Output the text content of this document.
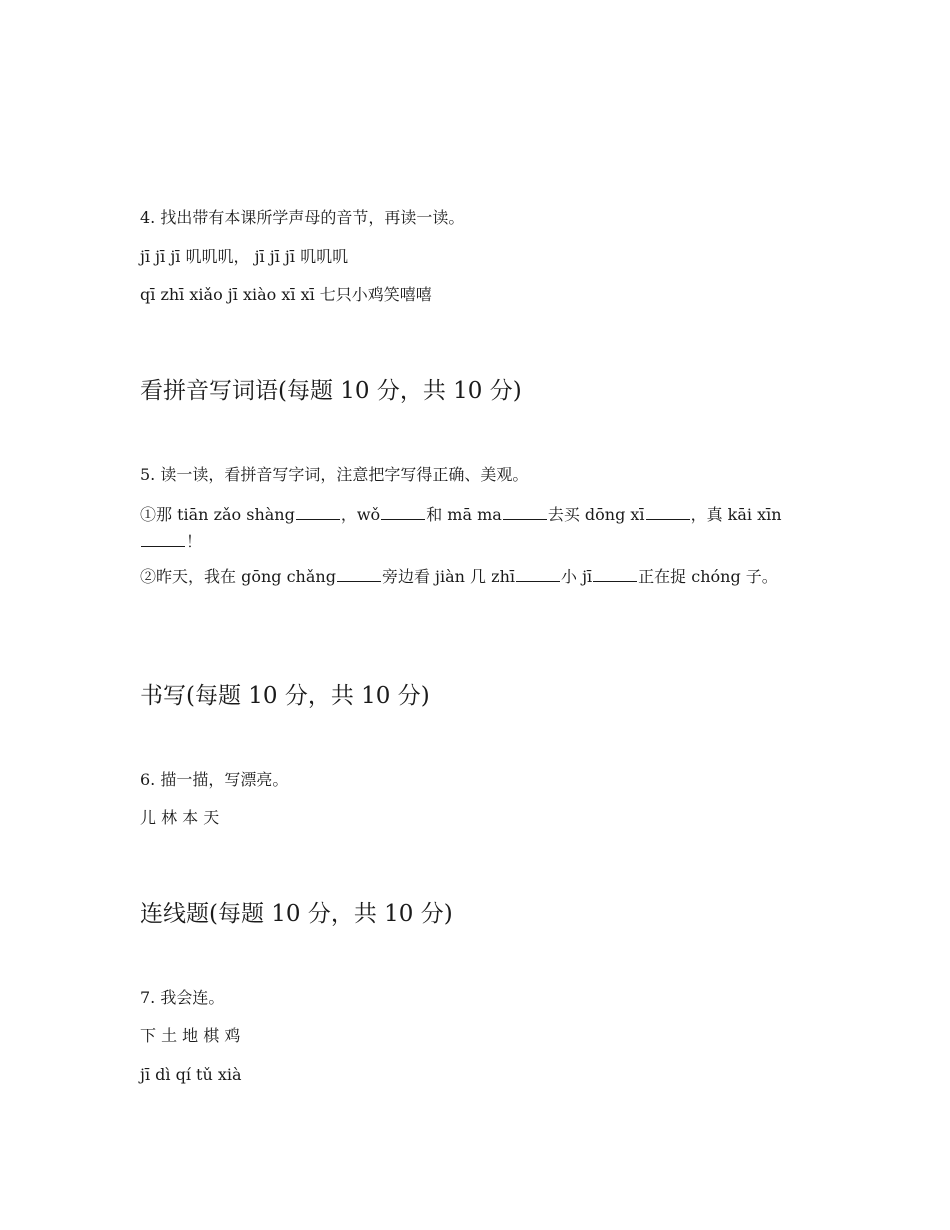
4. 找出带有本课所学声母的音节，再读一读。
jī jī jī 叽叽叽， jī jī jī 叽叽叽
qī zhī xiǎo jī xiào xī xī 七只小鸡笑嘻嘻
看拼音写词语(每题 10 分，共 10 分)
5. 读一读，看拼音写字词，注意把字写得正确、美观。
①那 tiān zǎo shàng	，wǒ	和 mā ma	去买 dōng xī	，真 kāi xīn！
②昨天，我在 gōng chǎng	旁边看 jiàn 几 zhī	小 jī	正在捉 chóng 子。
书写(每题 10 分，共 10 分)
6. 描一描，写漂亮。
儿 林 本 天
连线题(每题 10 分，共 10 分)
7. 我会连。
下 土 地 棋 鸡
jī dì qí tǔ xià
